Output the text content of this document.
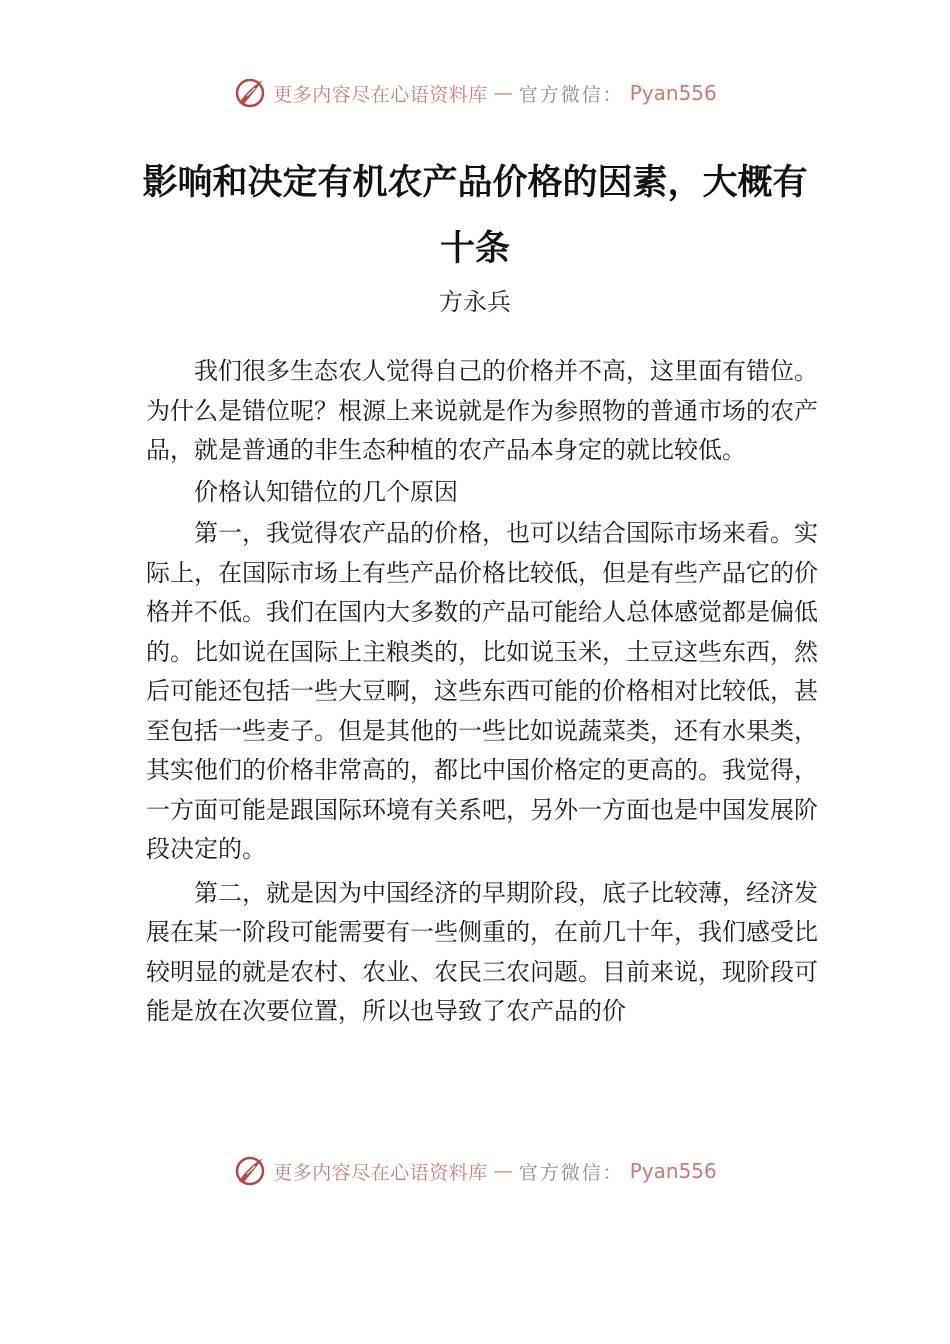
更多内容尽在心语资料库 — 官方微信： Pyan556
影响和决定有机农产品价格的因素，大概有十条
方永兵

我们很多生态农人觉得自己的价格并不高，这里面有错位。为什么是错位呢？根源上来说就是作为参照物的普通市场的农产品，就是普通的非生态种植的农产品本身定的就比较低。

价格认知错位的几个原因

第一，我觉得农产品的价格，也可以结合国际市场来看。实际上，在国际市场上有些产品价格比较低，但是有些产品它的价格并不低。我们在国内大多数的产品可能给人总体感觉都是偏低的。比如说在国际上主粮类的，比如说玉米，土豆这些东西，然后可能还包括一些大豆啊，这些东西可能的价格相对比较低，甚至包括一些麦子。但是其他的一些比如说蔬菜类，还有水果类，其实他们的价格非常高的，都比中国价格定的更高的。我觉得，一方面可能是跟国际环境有关系吧，另外一方面也是中国发展阶段决定的。

第二，就是因为中国经济的早期阶段，底子比较薄，经济发展在某一阶段可能需要有一些侧重的，在前几十年，我们感受比较明显的就是农村、农业、农民三农问题。目前来说，现阶段可能是放在次要位置，所以也导致了农产品的价

更多内容尽在心语资料库 — 官方微信： Pyan556
